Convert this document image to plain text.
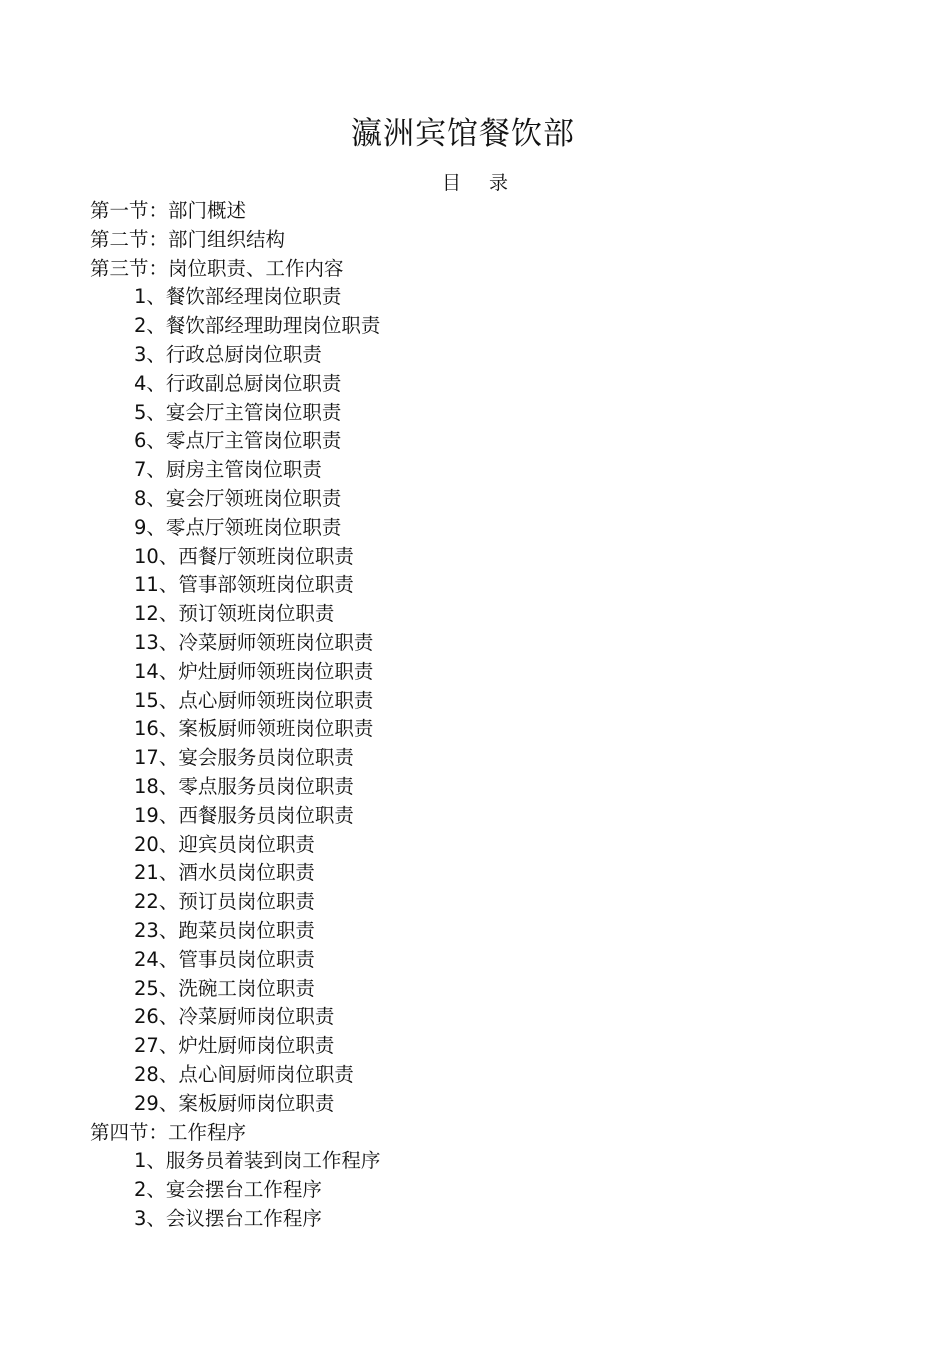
瀛洲宾馆餐饮部
目 录
第一节：部门概述
第二节：部门组织结构
第三节：岗位职责、工作内容
1、餐饮部经理岗位职责
2、餐饮部经理助理岗位职责
3、行政总厨岗位职责
4、行政副总厨岗位职责
5、宴会厅主管岗位职责
6、零点厅主管岗位职责
7、厨房主管岗位职责
8、宴会厅领班岗位职责
9、零点厅领班岗位职责
10、西餐厅领班岗位职责
11、管事部领班岗位职责
12、预订领班岗位职责
13、冷菜厨师领班岗位职责
14、炉灶厨师领班岗位职责
15、点心厨师领班岗位职责
16、案板厨师领班岗位职责
17、宴会服务员岗位职责
18、零点服务员岗位职责
19、西餐服务员岗位职责
20、迎宾员岗位职责
21、酒水员岗位职责
22、预订员岗位职责
23、跑菜员岗位职责
24、管事员岗位职责
25、洗碗工岗位职责
26、冷菜厨师岗位职责
27、炉灶厨师岗位职责
28、点心间厨师岗位职责
29、案板厨师岗位职责
第四节：工作程序
1、服务员着装到岗工作程序
2、宴会摆台工作程序
3、会议摆台工作程序
